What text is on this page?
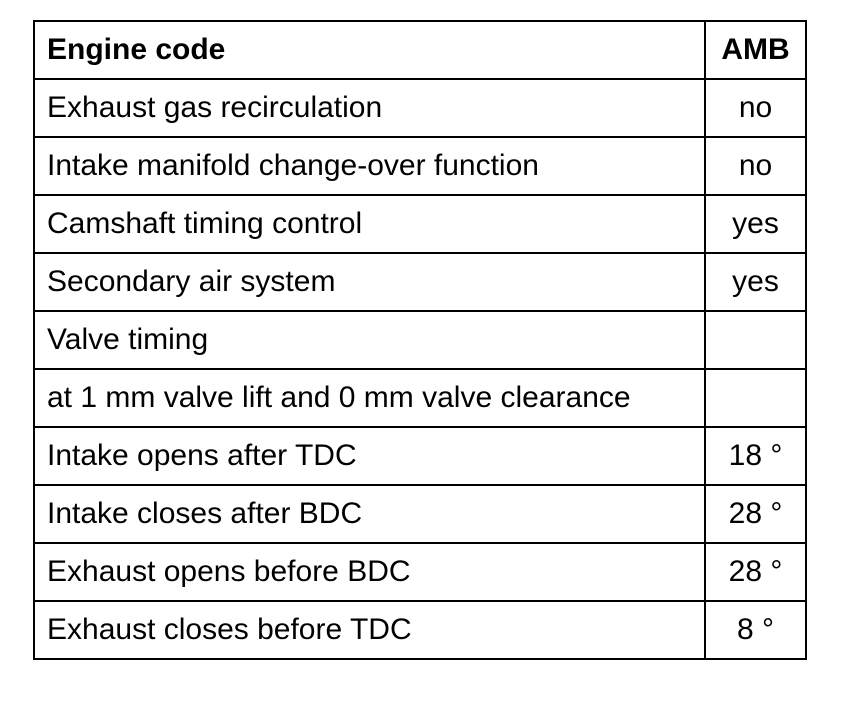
Engine code	AMB
Exhaust gas recirculation	no
Intake manifold change-over function	no
Camshaft timing control	yes
Secondary air system	yes
Valve timing	
at 1 mm valve lift and 0 mm valve clearance	
Intake opens after TDC	18 °
Intake closes after BDC	28 °
Exhaust opens before BDC	28 °
Exhaust closes before TDC	8 °
